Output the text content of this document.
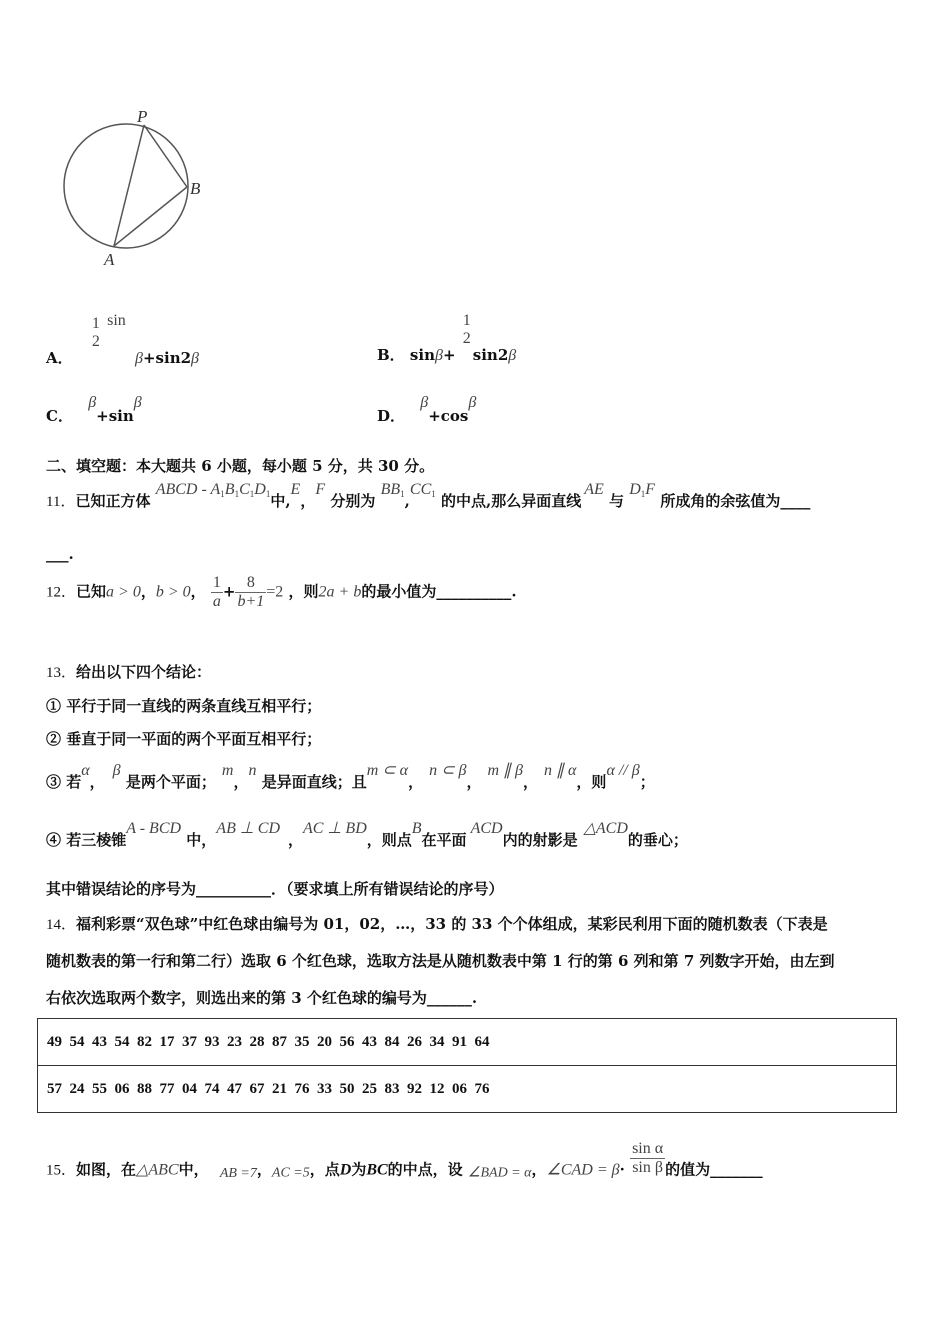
P
B
A
A．
1
2
sin β+sin2β	B． sinβ+
1
2
sin2β
C． β+sinβ
D． β+cosβ
二、填空题：本大题共 6 小题，每小题 5 分，共 30 分。
11．已知正方体 ABCD - $A_1B_1C_1D_1$中,E，F 分别为 $BB_1,CC_1$ 的中点,那么异面直线AE 与 $D_1F$ 所成角的余弦值为____
___.
12．已知a > 0，b > 0， $\frac{1}{a} + \frac{8}{b+1} =2$ ，则2a + b的最小值为__________.
13．给出以下四个结论：
① 平行于同一直线的两条直线互相平行；
② 垂直于同一平面的两个平面互相平行；
③ 若α，β 是两个平面；m，n 是异面直线；且m ⊂ α，n ⊂ β，m ∥ β，n ∥ α，则α // β；
④ 若三棱锥A - BCD 中，AB ⊥ CD，AC ⊥ BD，则点B在平面ACD内的射影是△ACD的垂心；
其中错误结论的序号为__________．（要求填上所有错误结论的序号）
14．福利彩票“双色球”中红色球由编号为 01，02，…，33 的 33 个个体组成，某彩民利用下面的随机数表（下表是
随机数表的第一行和第二行）选取 6 个红色球，选取方法是从随机数表中第 1 行的第 6 列和第 7 列数字开始，由左到
右依次选取两个数字，则选出来的第 3 个红色球的编号为______.
49  54  43  54  82  17  37  93  23  28  87  35  20  56  43  84  26  34  91  64
57  24  55  06  88  77  04  74  47  67  21  76  33  50  25  83  92  12  06  76
15．如图，在△ABC中， AB =7，AC =5，点D为BC的中点，设 ∠BAD = α，∠CAD = $\beta\cdot \frac{\text{sin α}}{\text{sin β}}$ 的值为_______
